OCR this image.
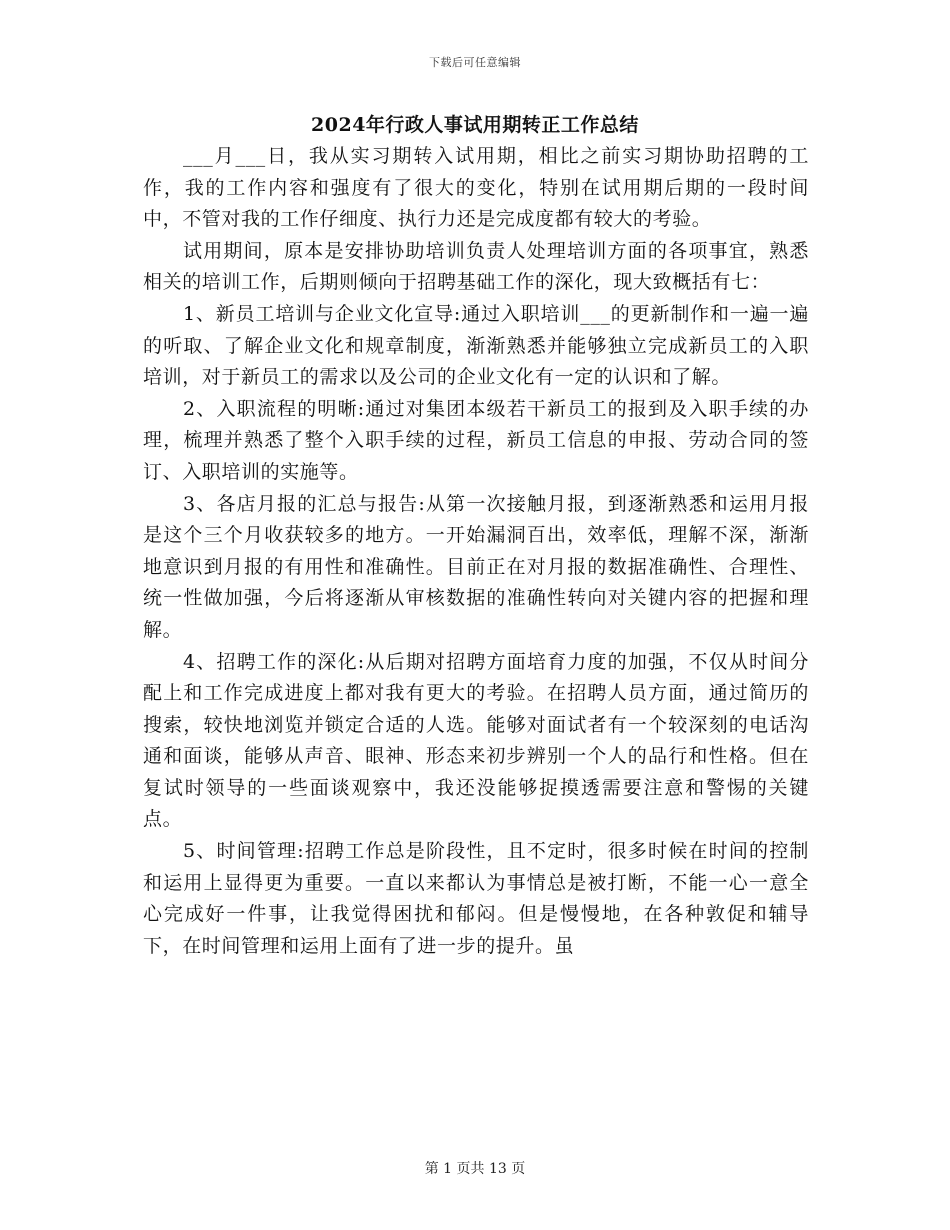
下载后可任意编辑
2024年行政人事试用期转正工作总结

___月___日，我从实习期转入试用期，相比之前实习期协助招聘的工作，我的工作内容和强度有了很大的变化，特别在试用期后期的一段时间中，不管对我的工作仔细度、执行力还是完成度都有较大的考验。

试用期间，原本是安排协助培训负责人处理培训方面的各项事宜，熟悉相关的培训工作，后期则倾向于招聘基础工作的深化，现大致概括有七：

1、新员工培训与企业文化宣导:通过入职培训___的更新制作和一遍一遍的听取、了解企业文化和规章制度，渐渐熟悉并能够独立完成新员工的入职培训，对于新员工的需求以及公司的企业文化有一定的认识和了解。

2、入职流程的明晰:通过对集团本级若干新员工的报到及入职手续的办理，梳理并熟悉了整个入职手续的过程，新员工信息的申报、劳动合同的签订、入职培训的实施等。

3、各店月报的汇总与报告:从第一次接触月报，到逐渐熟悉和运用月报是这个三个月收获较多的地方。一开始漏洞百出，效率低，理解不深，渐渐地意识到月报的有用性和准确性。目前正在对月报的数据准确性、合理性、统一性做加强，今后将逐渐从审核数据的准确性转向对关键内容的把握和理解。

4、招聘工作的深化:从后期对招聘方面培育力度的加强，不仅从时间分配上和工作完成进度上都对我有更大的考验。在招聘人员方面，通过简历的搜索，较快地浏览并锁定合适的人选。能够对面试者有一个较深刻的电话沟通和面谈，能够从声音、眼神、形态来初步辨别一个人的品行和性格。但在复试时领导的一些面谈观察中，我还没能够捉摸透需要注意和警惕的关键点。

5、时间管理:招聘工作总是阶段性，且不定时，很多时候在时间的控制和运用上显得更为重要。一直以来都认为事情总是被打断，不能一心一意全心完成好一件事，让我觉得困扰和郁闷。但是慢慢地，在各种敦促和辅导下，在时间管理和运用上面有了进一步的提升。虽

第 1 页共 13 页
